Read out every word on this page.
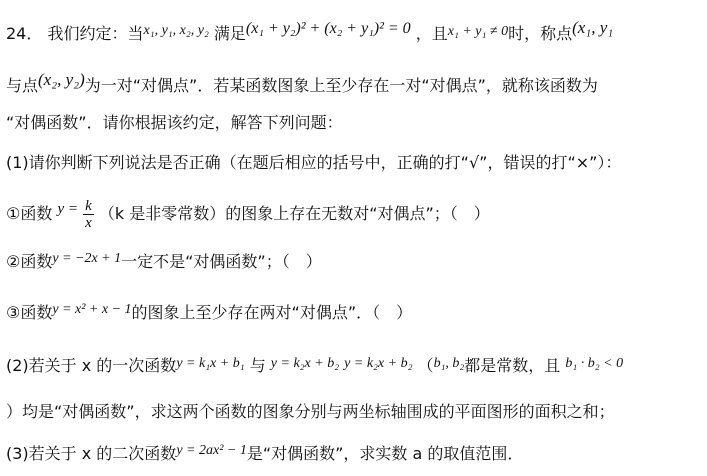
24． 我们约定：当x₁, y₁, x₂, y₂ 满足(x₁ + y₂)² + (x₂ + y₁)² = 0 ，且x₁ + y₁ ≠ 0时，称点(x₁, y₁
与点(x₂, y₂)为一对“对偶点”．若某函数图象上至少存在一对“对偶点”，就称该函数为
“对偶函数”．请你根据该约定，解答下列问题：
(1)请你判断下列说法是否正确（在题后相应的括号中，正确的打“√”，错误的打“×”）：
①函数 $y = \frac{k}{x} (k$ 是非零常数）的图象上存在无数对“对偶点”；（　）
②函数y = −2x + 1一定不是“对偶函数”；（　）
③函数y = x² + x − 1的图象上至少存在两对“对偶点”．（　）
(2)若关于 x 的一次函数y = k₁x + b₁ 与 y = k₂x + b₂ y = k₂x + b₂ （b₁, b₂都是常数，且 b₁ · b₂ < 0
）均是“对偶函数”，求这两个函数的图象分别与两坐标轴围成的平面图形的面积之和；
(3)若关于 x 的二次函数y = 2ax² − 1是“对偶函数”，求实数 a 的取值范围．
